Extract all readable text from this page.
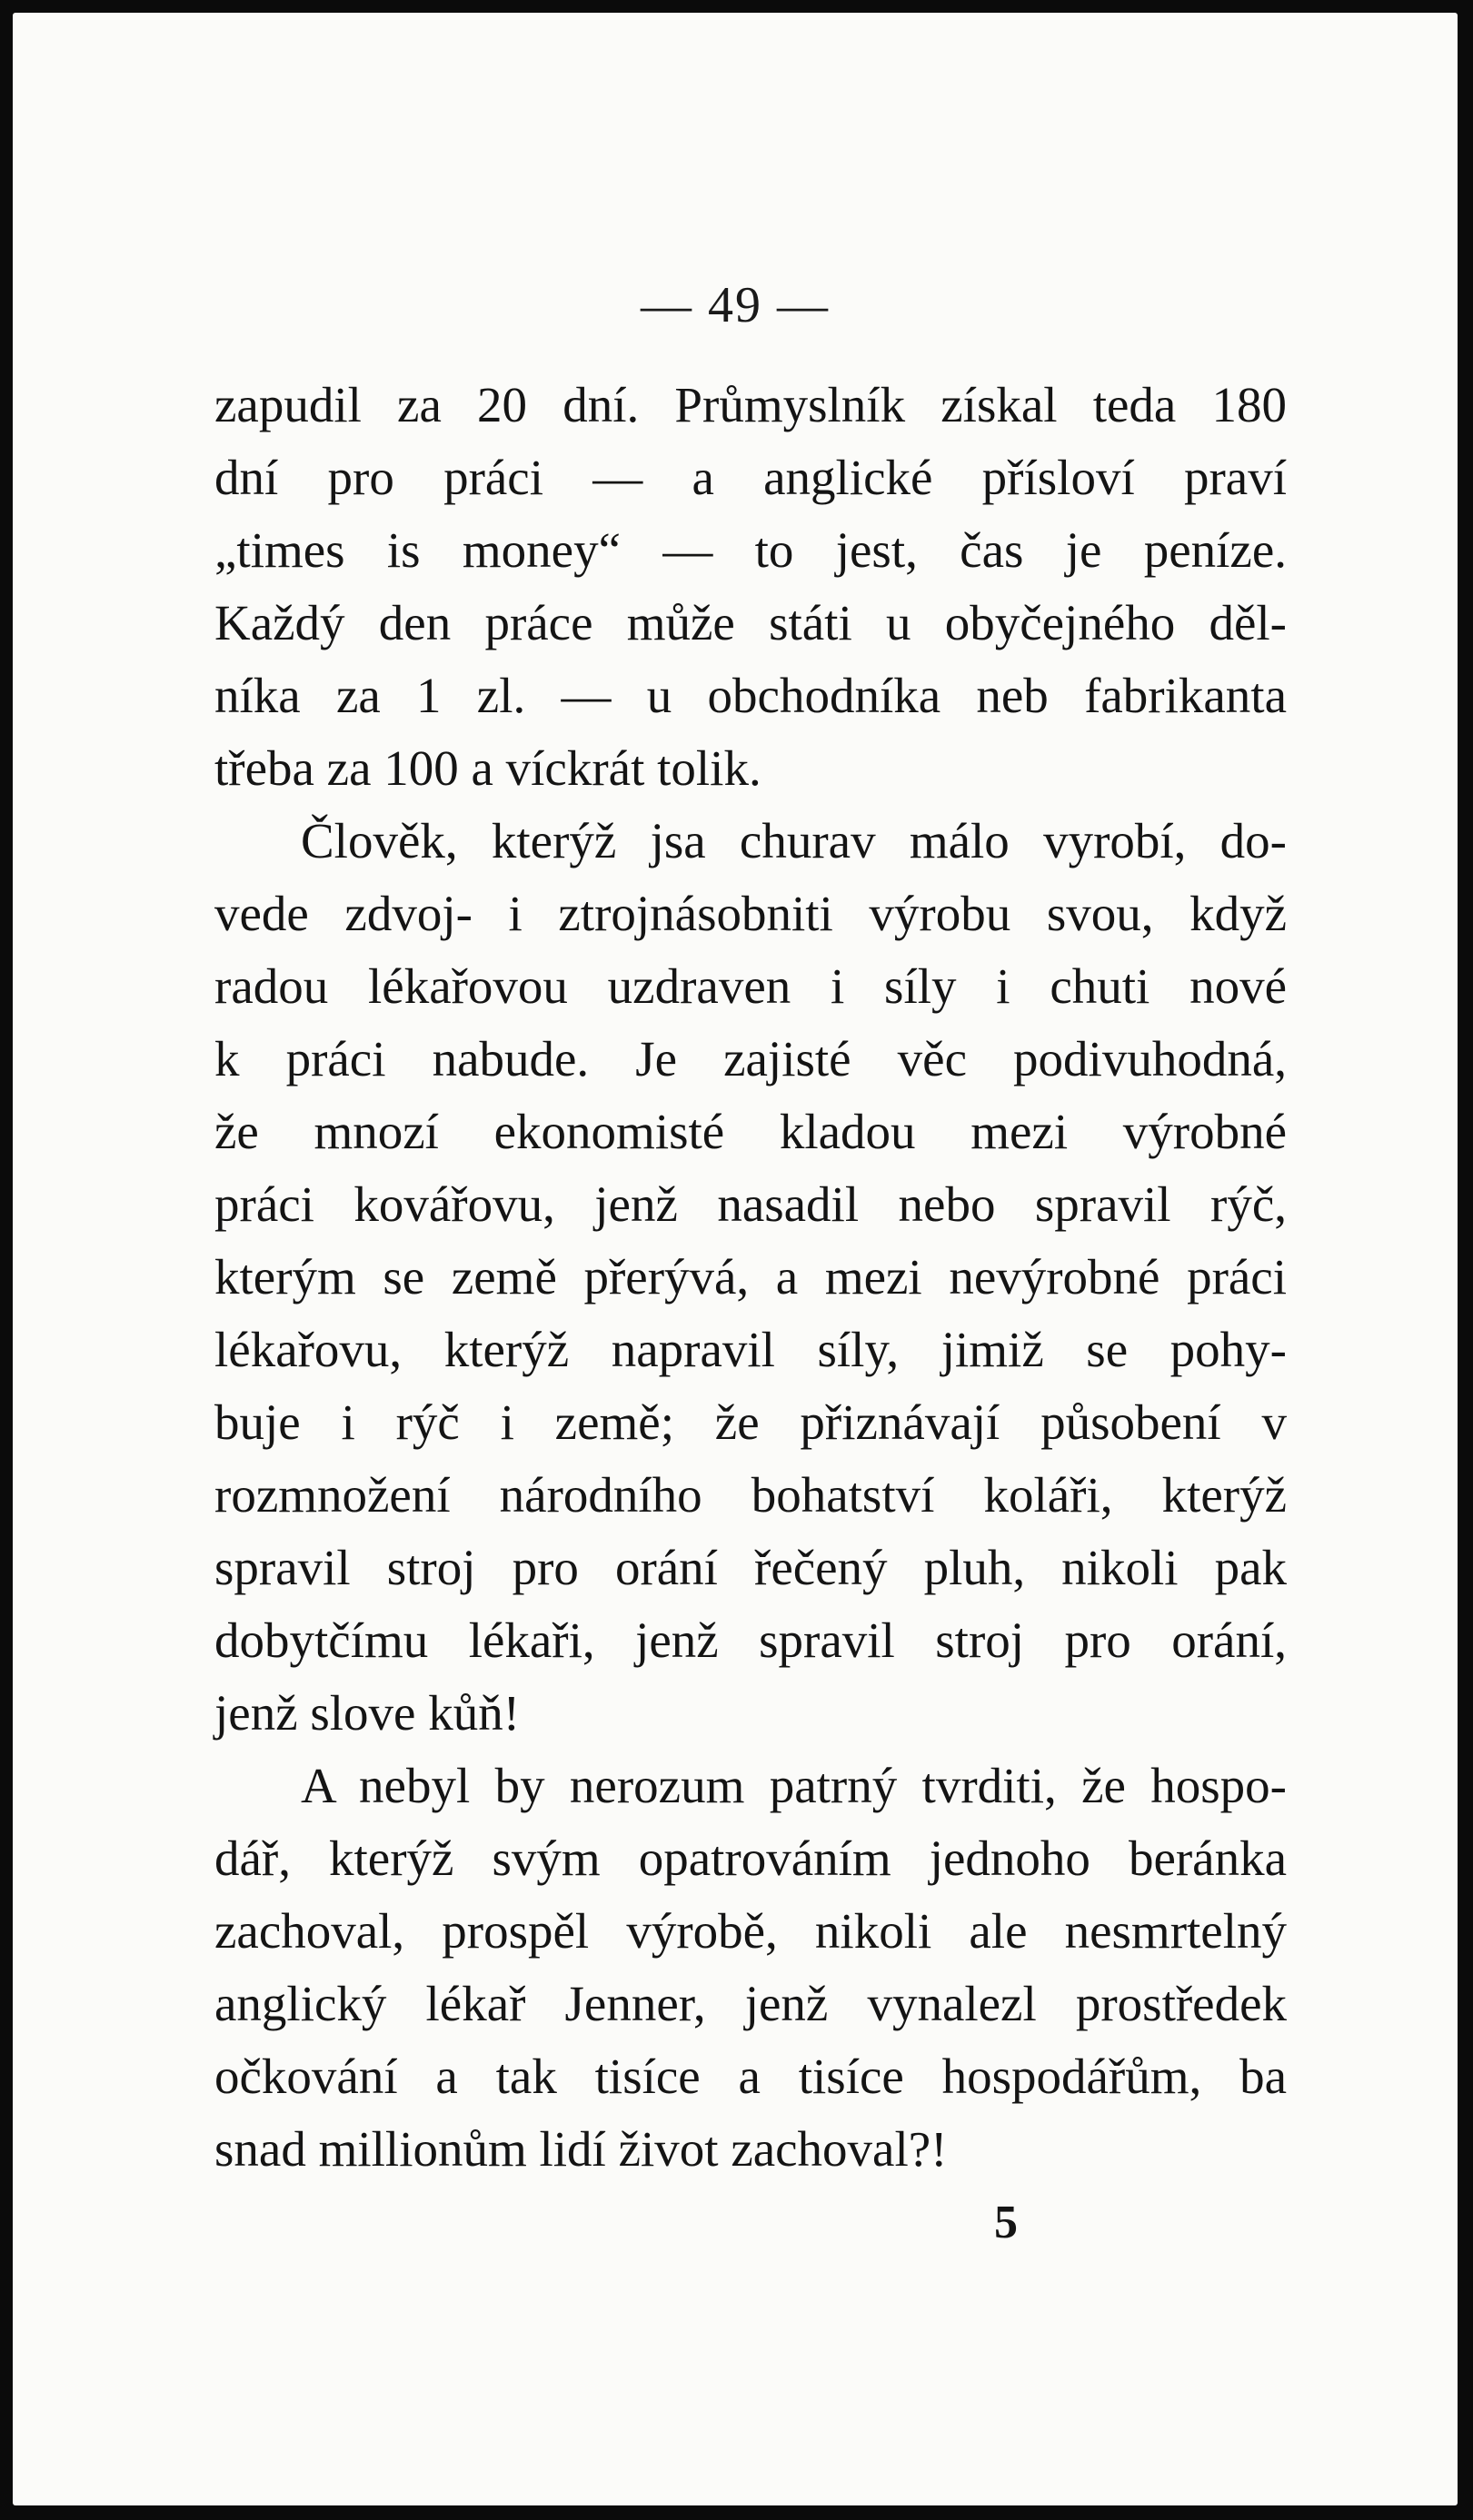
— 49 —
zapudil za 20 dní. Průmyslník získal teda 180
dní pro práci — a anglické přísloví praví
„times is money“ — to jest, čas je peníze.
Každý den práce může státi u obyčejného děl-
níka za 1 zl. — u obchodníka neb fabrikanta
třeba za 100 a víckrát tolik.
Člověk, kterýž jsa churav málo vyrobí, do-
vede zdvoj- i ztrojnásobniti výrobu svou, když
radou lékařovou uzdraven i síly i chuti nové
k práci nabude. Je zajisté věc podivuhodná,
že mnozí ekonomisté kladou mezi výrobné
práci kovářovu, jenž nasadil nebo spravil rýč,
kterým se země přerývá, a mezi nevýrobné práci
lékařovu, kterýž napravil síly, jimiž se pohy-
buje i rýč i země; že přiznávají působení v
rozmnožení národního bohatství koláři, kterýž
spravil stroj pro orání řečený pluh, nikoli pak
dobytčímu lékaři, jenž spravil stroj pro orání,
jenž slove kůň!
A nebyl by nerozum patrný tvrditi, že hospo-
dář, kterýž svým opatrováním jednoho beránka
zachoval, prospěl výrobě, nikoli ale nesmrtelný
anglický lékař Jenner, jenž vynalezl prostředek
očkování a tak tisíce a tisíce hospodářům, ba
snad millionům lidí život zachoval?!
5
